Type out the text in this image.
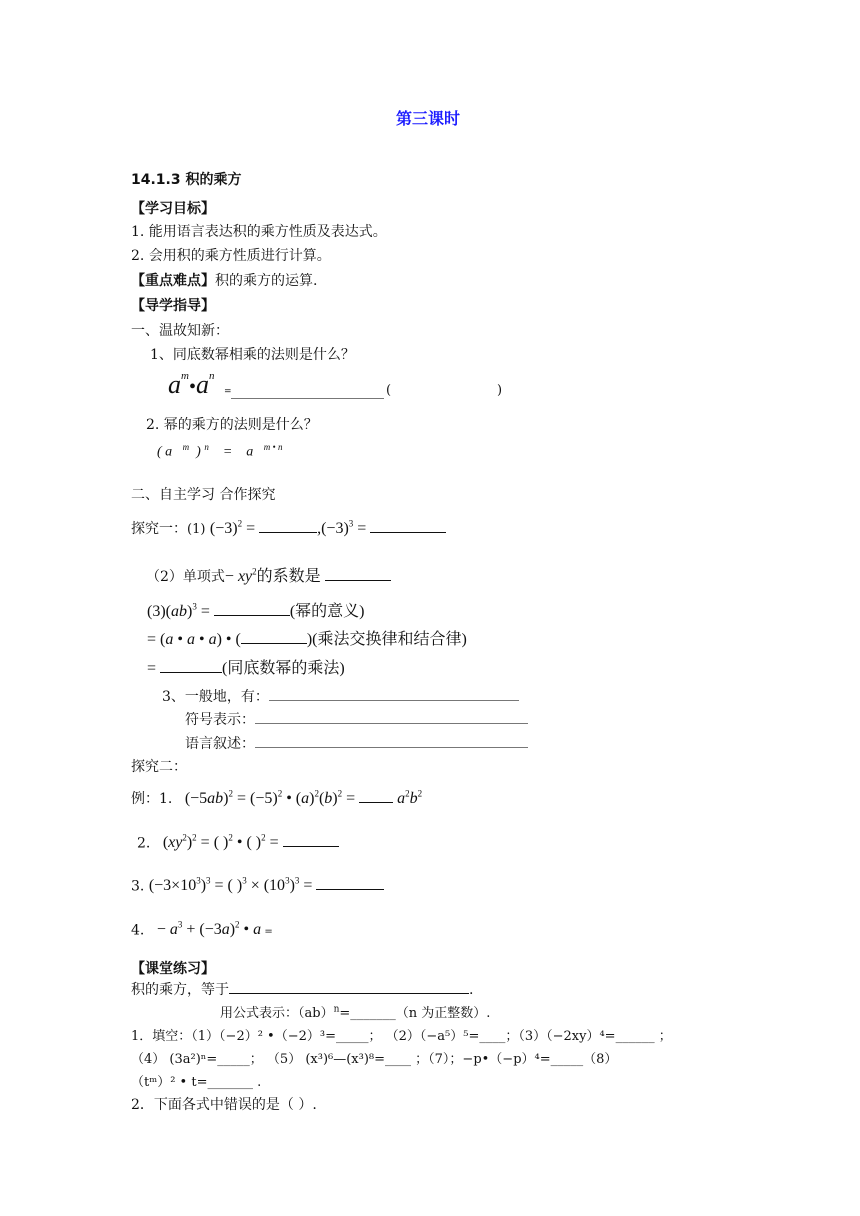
第三课时
14.1.3 积的乘方
【学习目标】
1. 能用语言表达积的乘方性质及表达式。
2. 会用积的乘方性质进行计算。
【重点难点】积的乘方的运算.
【导学指导】
一、温故知新：
1、同底数幂相乘的法则是什么？
$a^m•a^n$
=	(	)
2. 幂的乘方的法则是什么？
( a   $^m$  ) $^n$    =    a   $^{m • n}$
二、自主学习 合作探究
探究一：(1) $(-3)^2$ =	$,(-3)^3$ =
（2）单项式− $xy^2$的系数是
(3)(ab)$^3$ =	(幂的意义)
= (a • a • a) • (	)(乘法交换律和结合律)
=	(同底数幂的乘法)
3、一般地，有：
符号表示：
语言叙述：
探究二：
例：1.   $(-5ab)^2 = (-5)^2$ • $(a)^2(b)^2 = a^2b^2$
2.   $(xy^2)^2$ = ( )$^2$ • ( )$^2$ =
3. $(-3\times 10^3)^3$ = ( )$^3 \times (10^3)^3$ =
4.   − $a^3 + (-3a)^2$ • a =
【课堂练习】
积的乘方，等于	.
用公式表示：（ab）$^n$=_______（n 为正整数）.
1．填空：（1）（−2）² •（−2）³=_____； （2）（−a⁵）⁵=____；（3）（−2xy）⁴=______ ；
（4） (3a²)ⁿ=_____； （5） (x³)⁶—(x³)⁸=____ ；（7）；−p•（−p）⁴=_____（8）
（tᵐ）² • t=_______ .
2．下面各式中错误的是（ ）.
